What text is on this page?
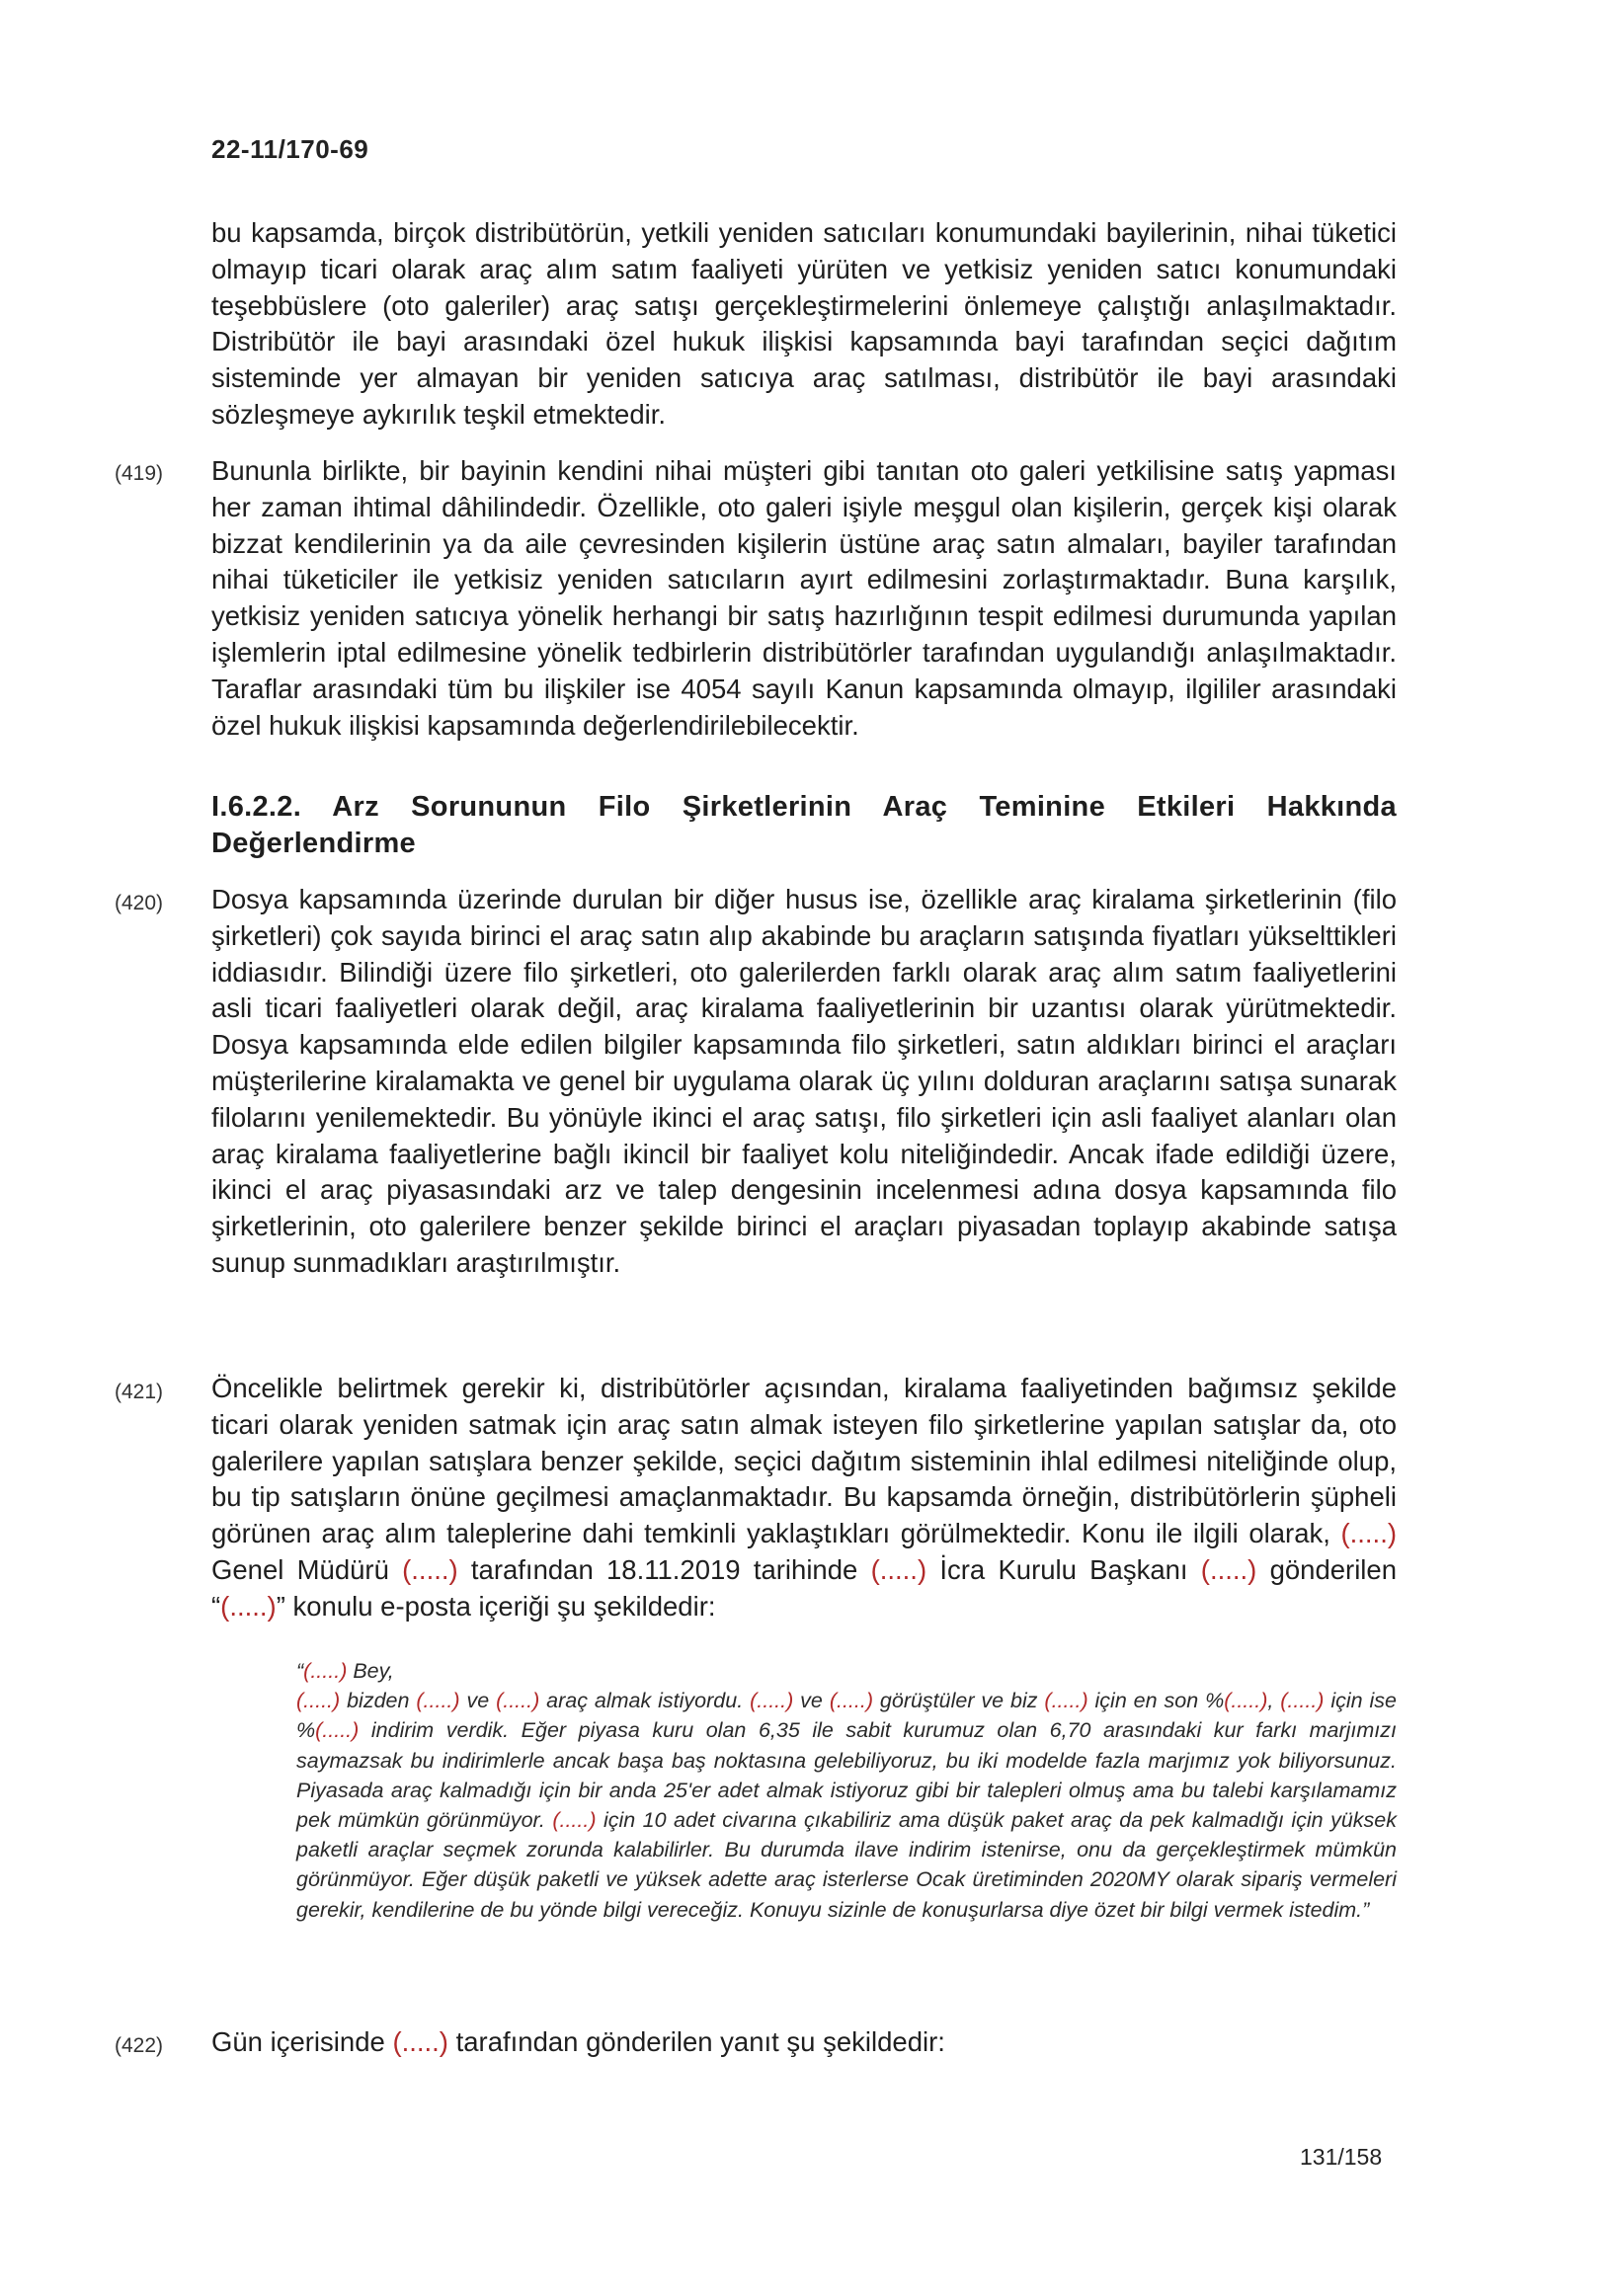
22-11/170-69
bu kapsamda, birçok distribütörün, yetkili yeniden satıcıları konumundaki bayilerinin, nihai tüketici olmayıp ticari olarak araç alım satım faaliyeti yürüten ve yetkisiz yeniden satıcı konumundaki teşebbüslere (oto galeriler) araç satışı gerçekleştirmelerini önlemeye çalıştığı anlaşılmaktadır. Distribütör ile bayi arasındaki özel hukuk ilişkisi kapsamında bayi tarafından seçici dağıtım sisteminde yer almayan bir yeniden satıcıya araç satılması, distribütör ile bayi arasındaki sözleşmeye aykırılık teşkil etmektedir.
(419) Bununla birlikte, bir bayinin kendini nihai müşteri gibi tanıtan oto galeri yetkilisine satış yapması her zaman ihtimal dâhilindedir. Özellikle, oto galeri işiyle meşgul olan kişilerin, gerçek kişi olarak bizzat kendilerinin ya da aile çevresinden kişilerin üstüne araç satın almaları, bayiler tarafından nihai tüketiciler ile yetkisiz yeniden satıcıların ayırt edilmesini zorlaştırmaktadır. Buna karşılık, yetkisiz yeniden satıcıya yönelik herhangi bir satış hazırlığının tespit edilmesi durumunda yapılan işlemlerin iptal edilmesine yönelik tedbirlerin distribütörler tarafından uygulandığı anlaşılmaktadır. Taraflar arasındaki tüm bu ilişkiler ise 4054 sayılı Kanun kapsamında olmayıp, ilgililer arasındaki özel hukuk ilişkisi kapsamında değerlendirilebilecektir.
I.6.2.2. Arz Sorununun Filo Şirketlerinin Araç Teminine Etkileri Hakkında Değerlendirme
(420) Dosya kapsamında üzerinde durulan bir diğer husus ise, özellikle araç kiralama şirketlerinin (filo şirketleri) çok sayıda birinci el araç satın alıp akabinde bu araçların satışında fiyatları yükselttikleri iddiasıdır. Bilindiği üzere filo şirketleri, oto galerilerden farklı olarak araç alım satım faaliyetlerini asli ticari faaliyetleri olarak değil, araç kiralama faaliyetlerinin bir uzantısı olarak yürütmektedir. Dosya kapsamında elde edilen bilgiler kapsamında filo şirketleri, satın aldıkları birinci el araçları müşterilerine kiralamakta ve genel bir uygulama olarak üç yılını dolduran araçlarını satışa sunarak filolarını yenilemektedir. Bu yönüyle ikinci el araç satışı, filo şirketleri için asli faaliyet alanları olan araç kiralama faaliyetlerine bağlı ikincil bir faaliyet kolu niteliğindedir. Ancak ifade edildiği üzere, ikinci el araç piyasasındaki arz ve talep dengesinin incelenmesi adına dosya kapsamında filo şirketlerinin, oto galerilere benzer şekilde birinci el araçları piyasadan toplayıp akabinde satışa sunup sunmadıkları araştırılmıştır.
(421) Öncelikle belirtmek gerekir ki, distribütörler açısından, kiralama faaliyetinden bağımsız şekilde ticari olarak yeniden satmak için araç satın almak isteyen filo şirketlerine yapılan satışlar da, oto galerilere yapılan satışlara benzer şekilde, seçici dağıtım sisteminin ihlal edilmesi niteliğinde olup, bu tip satışların önüne geçilmesi amaçlanmaktadır. Bu kapsamda örneğin, distribütörlerin şüpheli görünen araç alım taleplerine dahi temkinli yaklaştıkları görülmektedir. Konu ile ilgili olarak, (.....) Genel Müdürü (.....) tarafından 18.11.2019 tarihinde (.....) İcra Kurulu Başkanı (.....) gönderilen “(.....)” konulu e-posta içeriği şu şekildedir:
“(.....) Bey,
(.....) bizden (.....) ve (.....) araç almak istiyordu. (.....) ve (.....) görüştüler ve biz (.....) için en son %(.....), (.....) için ise %(.....) indirim verdik. Eğer piyasa kuru olan 6,35 ile sabit kurumuz olan 6,70 arasındaki kur farkı marjımızı saymazsak bu indirimlerle ancak başa baş noktasına gelebiliyoruz, bu iki modelde fazla marjımız yok biliyorsunuz. Piyasada araç kalmadığı için bir anda 25'er adet almak istiyoruz gibi bir talepleri olmuş ama bu talebi karşılamamız pek mümkün görünmüyor. (.....) için 10 adet civarına çıkabiliriz ama düşük paket araç da pek kalmadığı için yüksek paketli araçlar seçmek zorunda kalabilirler. Bu durumda ilave indirim istenirse, onu da gerçekleştirmek mümkün görünmüyor. Eğer düşük paketli ve yüksek adette araç isterlerse Ocak üretiminden 2020MY olarak sipariş vermeleri gerekir, kendilerine de bu yönde bilgi vereceğiz. Konuyu sizinle de konuşurlarsa diye özet bir bilgi vermek istedim.”
(422) Gün içerisinde (.....) tarafından gönderilen yanıt şu şekildedir:
131/158
